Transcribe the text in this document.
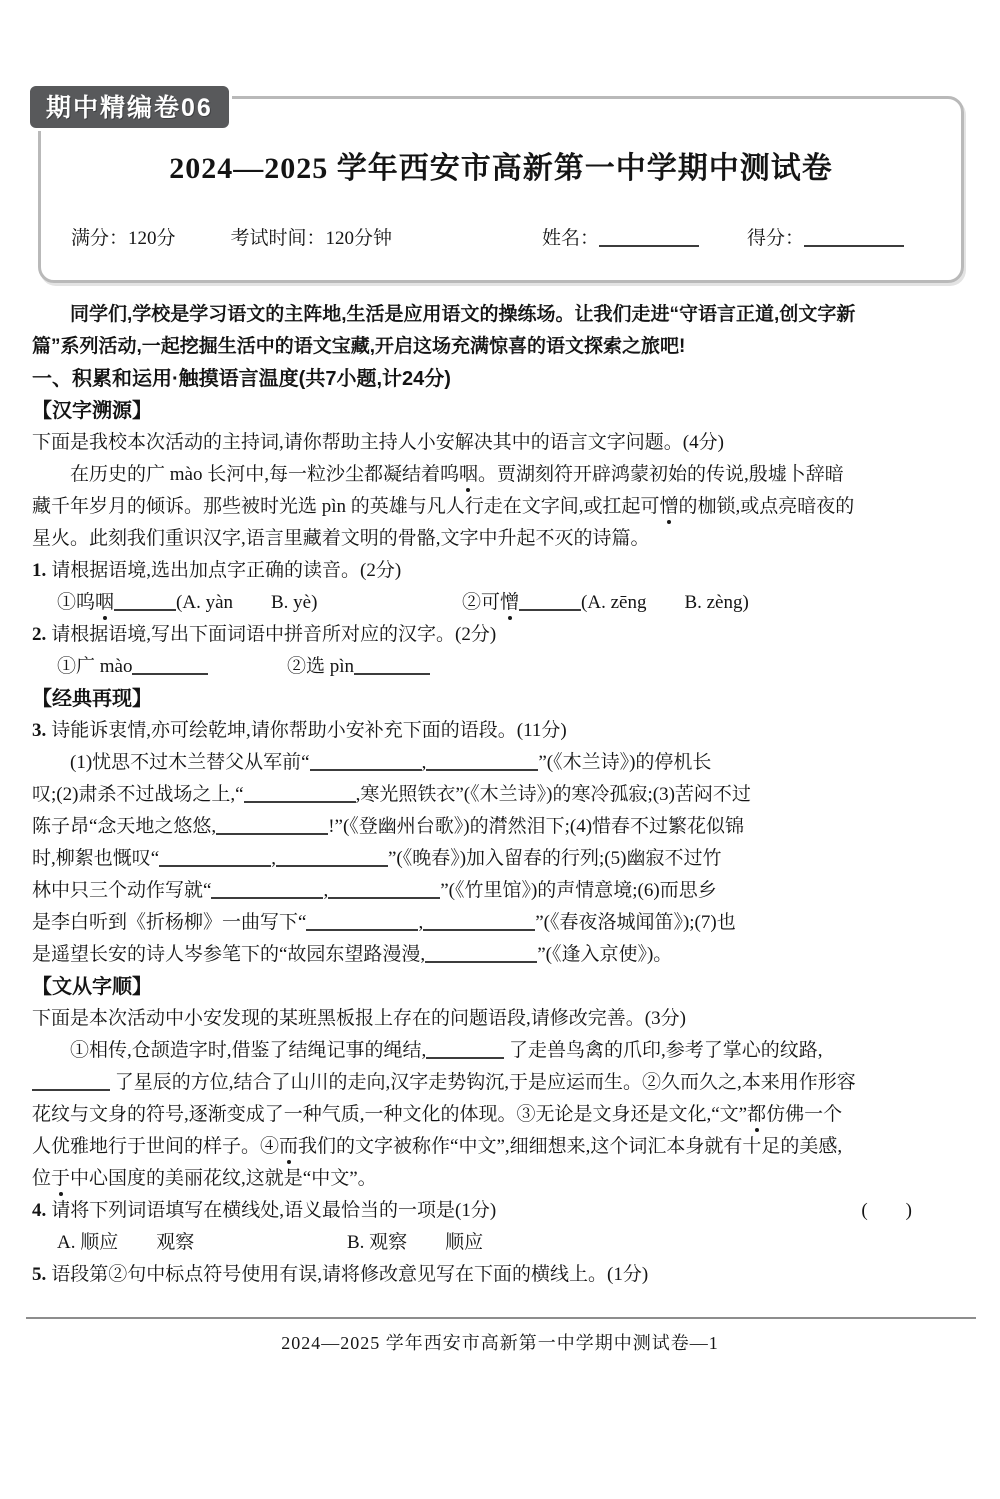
期中精编卷06
2024—2025 学年西安市高新第一中学期中测试卷
满分：120分	考试时间：120分钟	姓名：	得分：
　　同学们,学校是学习语文的主阵地,生活是应用语文的操练场。让我们走进“守语言正道,创文字新
篇”系列活动,一起挖掘生活中的语文宝藏,开启这场充满惊喜的语文探索之旅吧!
一、积累和运用·触摸语言温度(共7小题,计24分)
【汉字溯源】
下面是我校本次活动的主持词,请你帮助主持人小安解决其中的语言文字问题。(4分)
　　在历史的广 mào 长河中,每一粒沙尘都凝结着呜咽。贾湖刻符开辟鸿蒙初始的传说,殷墟卜辞暗
藏千年岁月的倾诉。那些被时光选 pìn 的英雄与凡人行走在文字间,或扛起可憎的枷锁,或点亮暗夜的
星火。此刻我们重识汉字,语言里藏着文明的骨骼,文字中升起不灭的诗篇。
1. 请根据语境,选出加点字正确的读音。(2分)
①呜咽	(A. yàn　　B. yè)	②可憎	(A. zēng　　B. zèng)
2. 请根据语境,写出下面词语中拼音所对应的汉字。(2分)
①广 mào	②选 pìn
【经典再现】
3. 诗能诉衷情,亦可绘乾坤,请你帮助小安补充下面的语段。(11分)
　　(1)忧思不过木兰替父从军前“	,	”(《木兰诗》)的停机长
叹;(2)肃杀不过战场之上,“	,寒光照铁衣”(《木兰诗》)的寒冷孤寂;(3)苦闷不过
陈子昂“念天地之悠悠,	!”(《登幽州台歌》)的潸然泪下;(4)惜春不过繁花似锦
时,柳絮也慨叹“	,	”(《晚春》)加入留春的行列;(5)幽寂不过竹
林中只三个动作写就“	,	”(《竹里馆》)的声情意境;(6)而思乡
是李白听到《折杨柳》一曲写下“	,	”(《春夜洛城闻笛》);(7)也
是遥望长安的诗人岑参笔下的“故园东望路漫漫,	”(《逢入京使》)。
【文从字顺】
下面是本次活动中小安发现的某班黑板报上存在的问题语段,请修改完善。(3分)
　　①相传,仓颉造字时,借鉴了结绳记事的绳结,	了走兽鸟禽的爪印,参考了掌心的纹路,
了星辰的方位,结合了山川的走向,汉字走势钩沉,于是应运而生。②久而久之,本来用作形容
花纹与文身的符号,逐渐变成了一种气质,一种文化的体现。③无论是文身还是文化,“文”都仿佛一个
人优雅地行于世间的样子。④而我们的文字被称作“中文”,细细想来,这个词汇本身就有十足的美感,
位于中心国度的美丽花纹,这就是“中文”。
4. 请将下列词语填写在横线处,语义最恰当的一项是(1分)	(　　)
A. 顺应　　观察	B. 观察　　顺应
5. 语段第②句中标点符号使用有误,请将修改意见写在下面的横线上。(1分)
2024—2025 学年西安市高新第一中学期中测试卷—1
